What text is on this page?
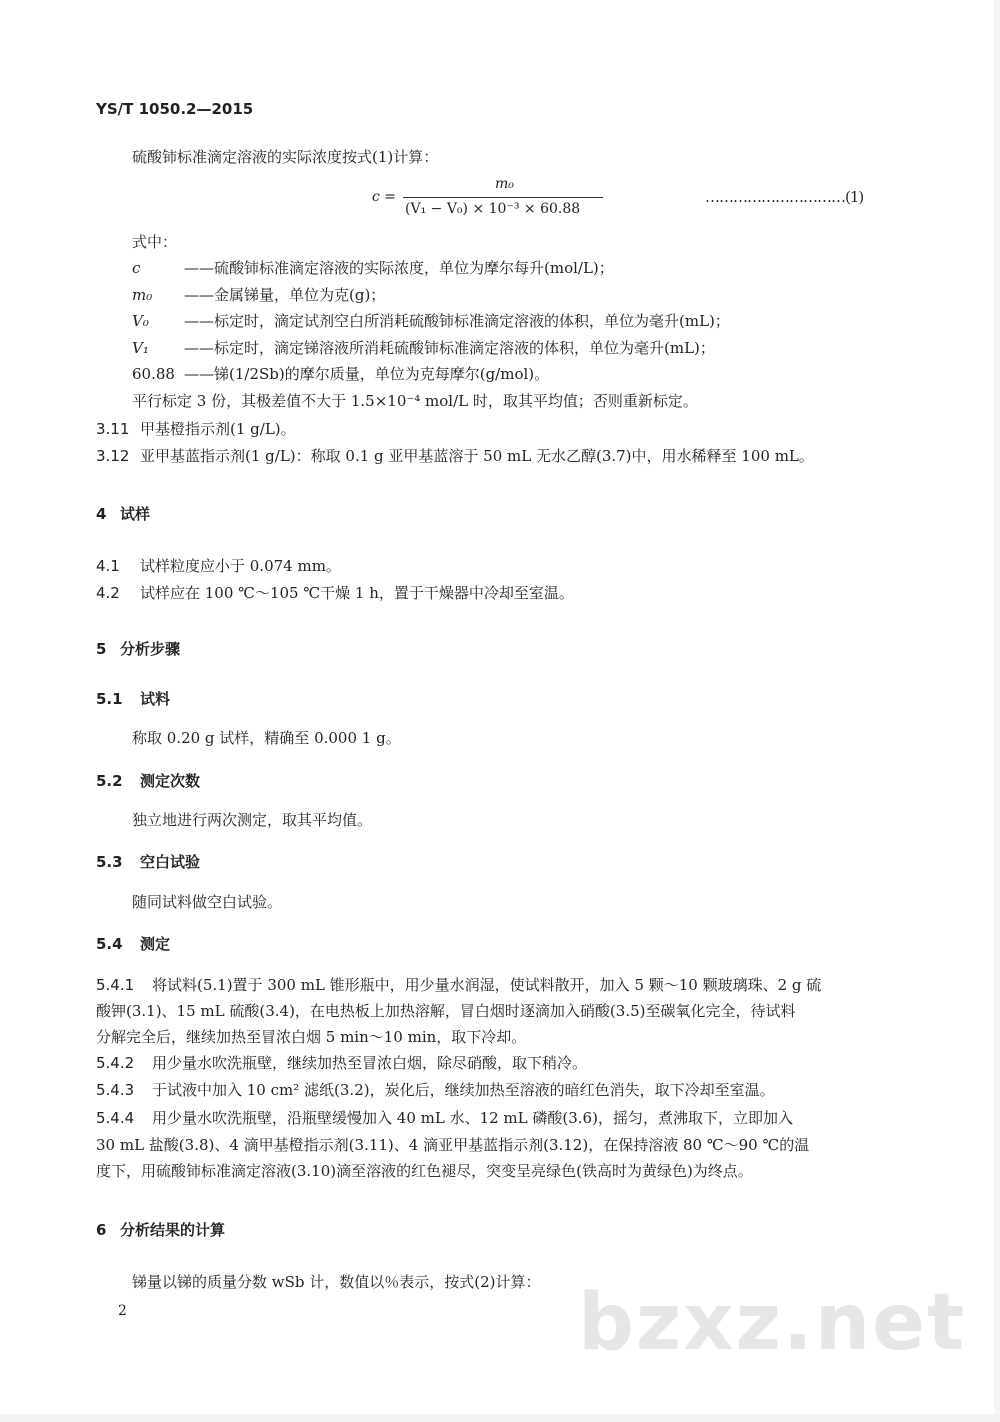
YS/T 1050.2—2015
硫酸铈标准滴定溶液的实际浓度按式(1)计算：
c =
m₀
(V₁ − V₀) × 10⁻³ × 60.88
…………………………(1)
式中：
c	——硫酸铈标准滴定溶液的实际浓度，单位为摩尔每升(mol/L)；
m₀ ——金属锑量，单位为克(g)；
V₀ ——标定时，滴定试剂空白所消耗硫酸铈标准滴定溶液的体积，单位为毫升(mL)；
V₁ ——标定时，滴定锑溶液所消耗硫酸铈标准滴定溶液的体积，单位为毫升(mL)；
60.88 ——锑(1/2Sb)的摩尔质量，单位为克每摩尔(g/mol)。
平行标定 3 份，其极差值不大于 1.5×10⁻⁴ mol/L 时，取其平均值；否则重新标定。
3.11 甲基橙指示剂(1 g/L)。
3.12 亚甲基蓝指示剂(1 g/L)：称取 0.1 g 亚甲基蓝溶于 50 mL 无水乙醇(3.7)中，用水稀释至 100 mL。
4 试样
4.1 试样粒度应小于 0.074 mm。
4.2 试样应在 100 ℃～105 ℃干燥 1 h，置于干燥器中冷却至室温。
5 分析步骤
5.1 试料
称取 0.20 g 试样，精确至 0.000 1 g。
5.2 测定次数
独立地进行两次测定，取其平均值。
5.3 空白试验
随同试料做空白试验。
5.4 测定
5.4.1 将试料(5.1)置于 300 mL 锥形瓶中，用少量水润湿，使试料散开，加入 5 颗～10 颗玻璃珠、2 g 硫
酸钾(3.1)、15 mL 硫酸(3.4)，在电热板上加热溶解，冒白烟时逐滴加入硝酸(3.5)至碳氧化完全，待试料
分解完全后，继续加热至冒浓白烟 5 min～10 min，取下冷却。
5.4.2 用少量水吹洗瓶壁，继续加热至冒浓白烟，除尽硝酸，取下稍冷。
5.4.3 于试液中加入 10 cm² 滤纸(3.2)，炭化后，继续加热至溶液的暗红色消失，取下冷却至室温。
5.4.4 用少量水吹洗瓶壁，沿瓶壁缓慢加入 40 mL 水、12 mL 磷酸(3.6)，摇匀，煮沸取下，立即加入
30 mL 盐酸(3.8)、4 滴甲基橙指示剂(3.11)、4 滴亚甲基蓝指示剂(3.12)，在保持溶液 80 ℃～90 ℃的温
度下，用硫酸铈标准滴定溶液(3.10)滴至溶液的红色褪尽，突变呈亮绿色(铁高时为黄绿色)为终点。
6 分析结果的计算
锑量以锑的质量分数 wSb 计，数值以％表示，按式(2)计算：
2	bzxz.net
